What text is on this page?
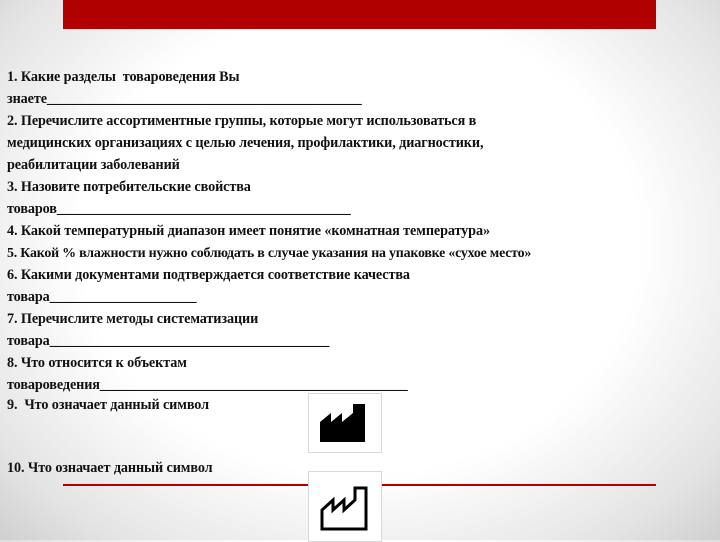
1. Какие разделы  товароведения Вы

знаете_____________________________________________

2. Перечислите ассортиментные группы, которые могут использоваться в

медицинских организациях с целью лечения, профилактики, диагностики,

реабилитации заболеваний

3. Назовите потребительские свойства

товаров__________________________________________

4. Какой температурный диапазон имеет понятие «комнатная температура»

5. Какой % влажности нужно соблюдать в случае указания на упаковке «сухое место»

6. Какими документами подтверждается соответствие качества

товара_____________________

7. Перечислите методы систематизации

товара________________________________________

8. Что относится к объектам

товароведения____________________________________________

9.  Что означает данный символ

10. Что означает данный символ
